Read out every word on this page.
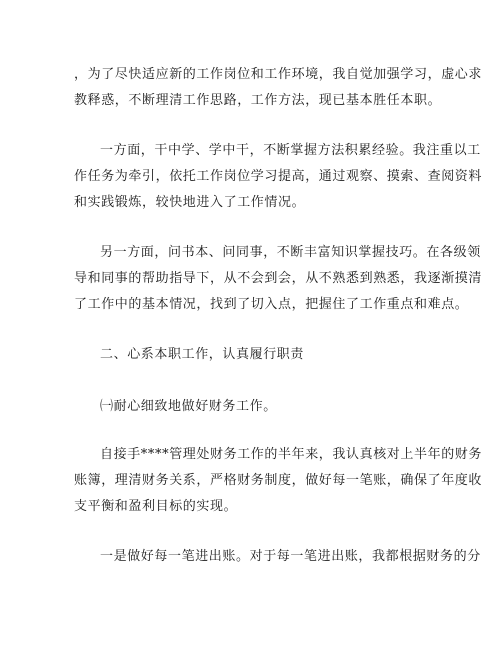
，为了尽快适应新的工作岗位和工作环境，我自觉加强学习，虚心求
教释惑，不断理清工作思路，工作方法，现已基本胜任本职。

一方面，干中学、学中干，不断掌握方法积累经验。我注重以工
作任务为牵引，依托工作岗位学习提高，通过观察、摸索、查阅资料
和实践锻炼，较快地进入了工作情况。

另一方面，问书本、问同事，不断丰富知识掌握技巧。在各级领
导和同事的帮助指导下，从不会到会，从不熟悉到熟悉，我逐渐摸清
了工作中的基本情况，找到了切入点，把握住了工作重点和难点。

二、心系本职工作，认真履行职责

㈠耐心细致地做好财务工作。

自接手****管理处财务工作的半年来，我认真核对上半年的财务
账簿，理清财务关系，严格财务制度，做好每一笔账，确保了年度收
支平衡和盈利目标的实现。

一是做好每一笔进出账。对于每一笔进出账，我都根据财务的分
